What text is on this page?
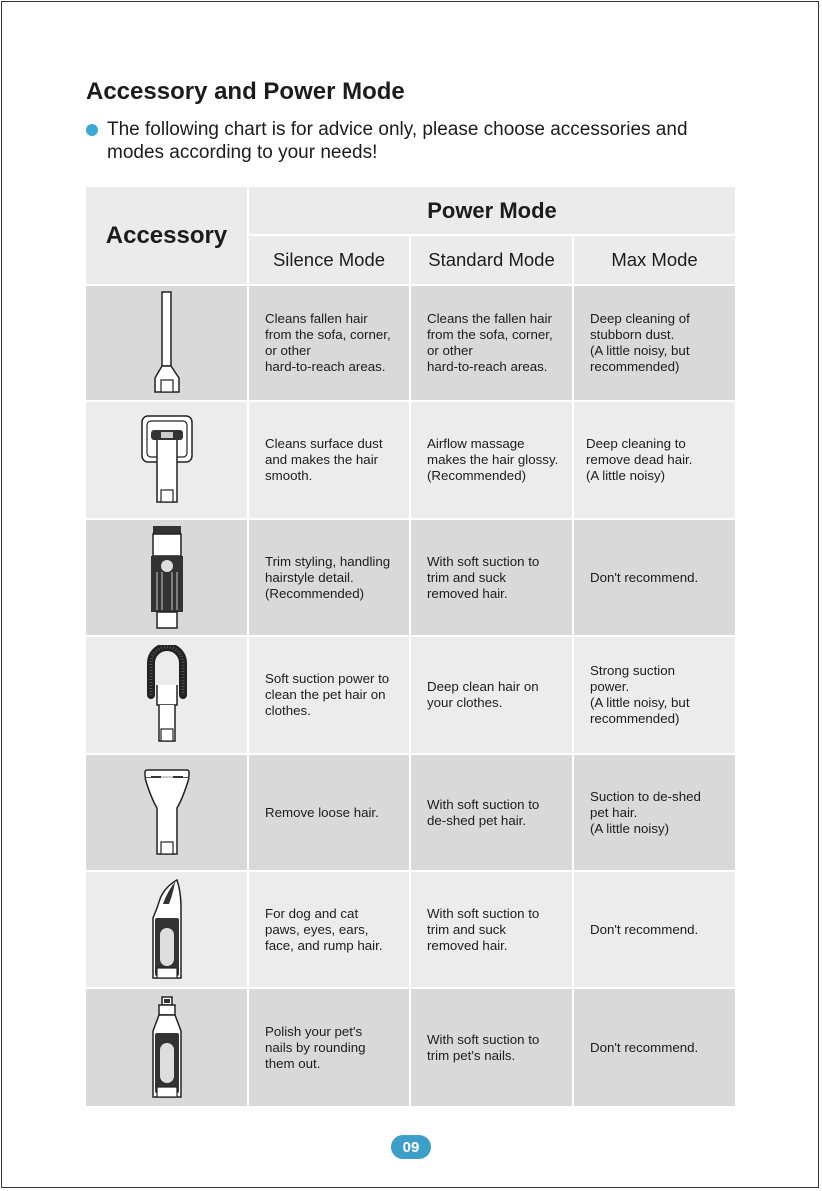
Accessory and Power Mode
The following chart is for advice only, please choose accessories and modes according to your needs!
Accessory
Power Mode
Silence Mode	Standard Mode	Max Mode
Cleans fallen hair
from the sofa, corner,
or other
hard-to-reach areas.
Cleans the fallen hair
from the sofa, corner,
or other
hard-to-reach areas.
Deep cleaning of
stubborn dust.
(A little noisy, but
recommended)
Cleans surface dust
and makes the hair
smooth.
Airflow massage
makes the hair glossy.
(Recommended)
Deep cleaning to
remove dead hair.
(A little noisy)
Trim styling, handling
hairstyle detail.
(Recommended)
With soft suction to
trim and suck
removed hair.
Don't recommend.
Soft suction power to
clean the pet hair on
clothes.
Deep clean hair on
your clothes.
Strong suction
power.
(A little noisy, but
recommended)
Remove loose hair.
With soft suction to
de-shed pet hair.
Suction to de-shed
pet hair.
(A little noisy)
For dog and cat
paws, eyes, ears,
face, and rump hair.
With soft suction to
trim and suck
removed hair.
Don't recommend.
Polish your pet's
nails by rounding
them out.
With soft suction to
trim pet's nails.
Don't recommend.
09
